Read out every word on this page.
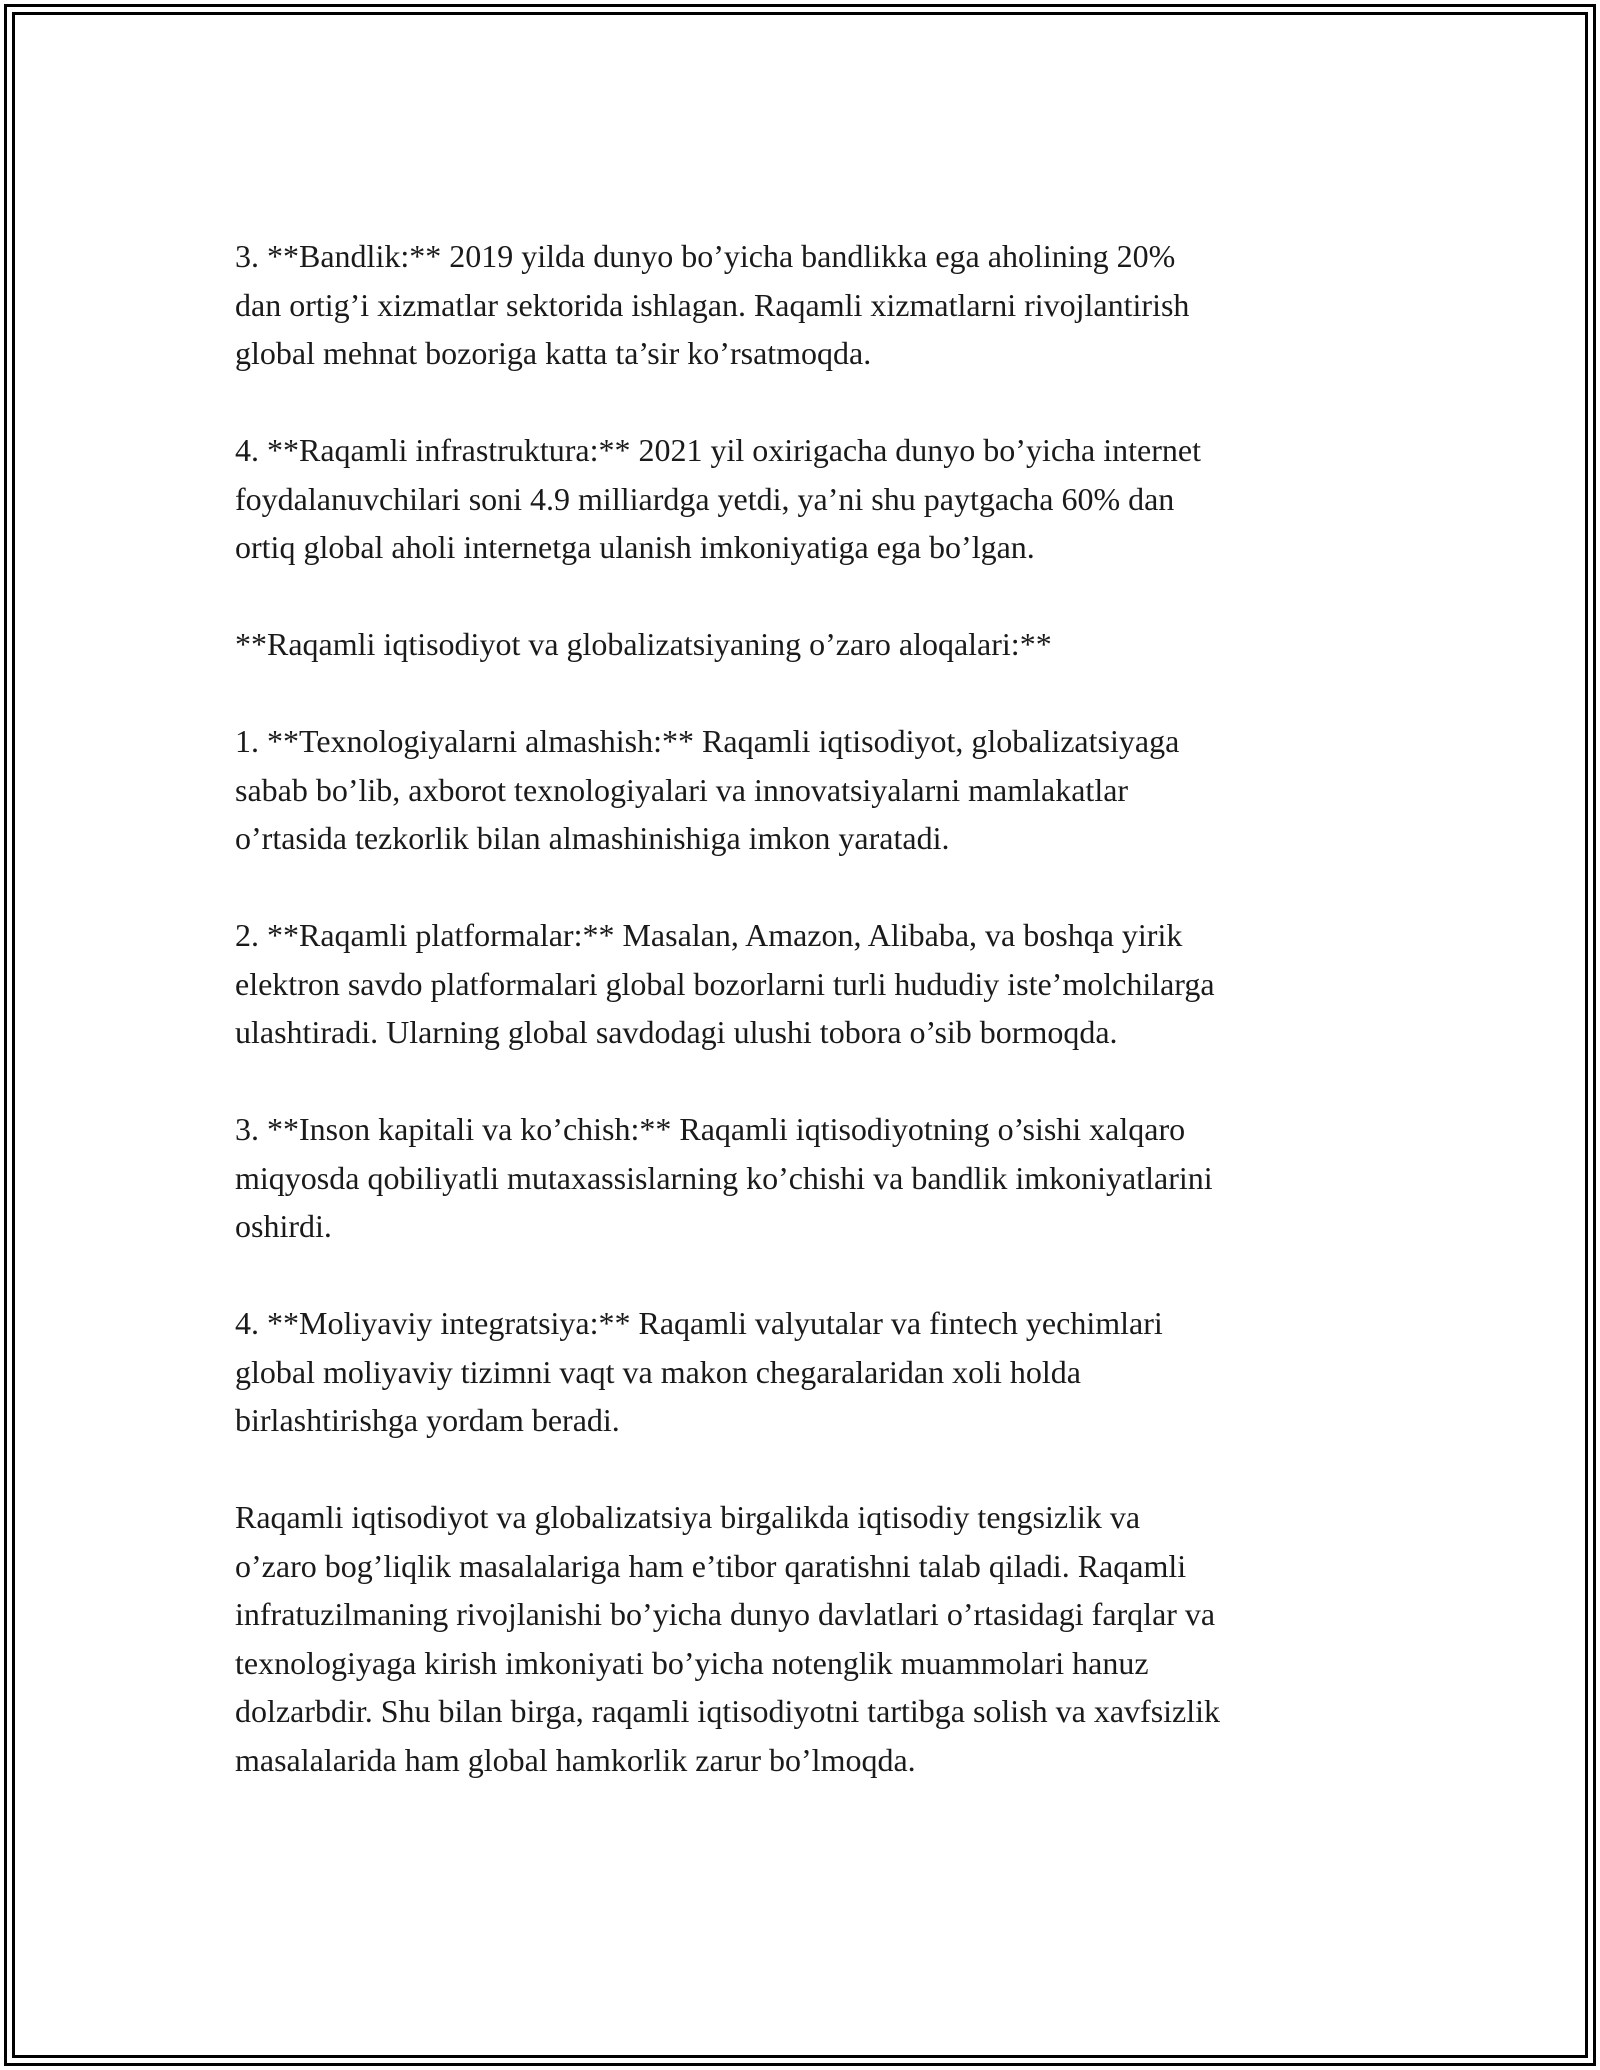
3. **Bandlik:** 2019 yilda dunyo bo’yicha bandlikka ega aholining 20%
dan ortig’i xizmatlar sektorida ishlagan. Raqamli xizmatlarni rivojlantirish
global mehnat bozoriga katta ta’sir ko’rsatmoqda.

4. **Raqamli infrastruktura:** 2021 yil oxirigacha dunyo bo’yicha internet
foydalanuvchilari soni 4.9 milliardga yetdi, ya’ni shu paytgacha 60% dan
ortiq global aholi internetga ulanish imkoniyatiga ega bo’lgan.

**Raqamli iqtisodiyot va globalizatsiyaning o’zaro aloqalari:**

1. **Texnologiyalarni almashish:** Raqamli iqtisodiyot, globalizatsiyaga
sabab bo’lib, axborot texnologiyalari va innovatsiyalarni mamlakatlar
o’rtasida tezkorlik bilan almashinishiga imkon yaratadi.

2. **Raqamli platformalar:** Masalan, Amazon, Alibaba, va boshqa yirik
elektron savdo platformalari global bozorlarni turli hududiy iste’molchilarga
ulashtiradi. Ularning global savdodagi ulushi tobora o’sib bormoqda.

3. **Inson kapitali va ko’chish:** Raqamli iqtisodiyotning o’sishi xalqaro
miqyosda qobiliyatli mutaxassislarning ko’chishi va bandlik imkoniyatlarini
oshirdi.

4. **Moliyaviy integratsiya:** Raqamli valyutalar va fintech yechimlari
global moliyaviy tizimni vaqt va makon chegaralaridan xoli holda
birlashtirishga yordam beradi.

Raqamli iqtisodiyot va globalizatsiya birgalikda iqtisodiy tengsizlik va
o’zaro bog’liqlik masalalariga ham e’tibor qaratishni talab qiladi. Raqamli
infratuzilmaning rivojlanishi bo’yicha dunyo davlatlari o’rtasidagi farqlar va
texnologiyaga kirish imkoniyati bo’yicha notenglik muammolari hanuz
dolzarbdir. Shu bilan birga, raqamli iqtisodiyotni tartibga solish va xavfsizlik
masalalarida ham global hamkorlik zarur bo’lmoqda.
